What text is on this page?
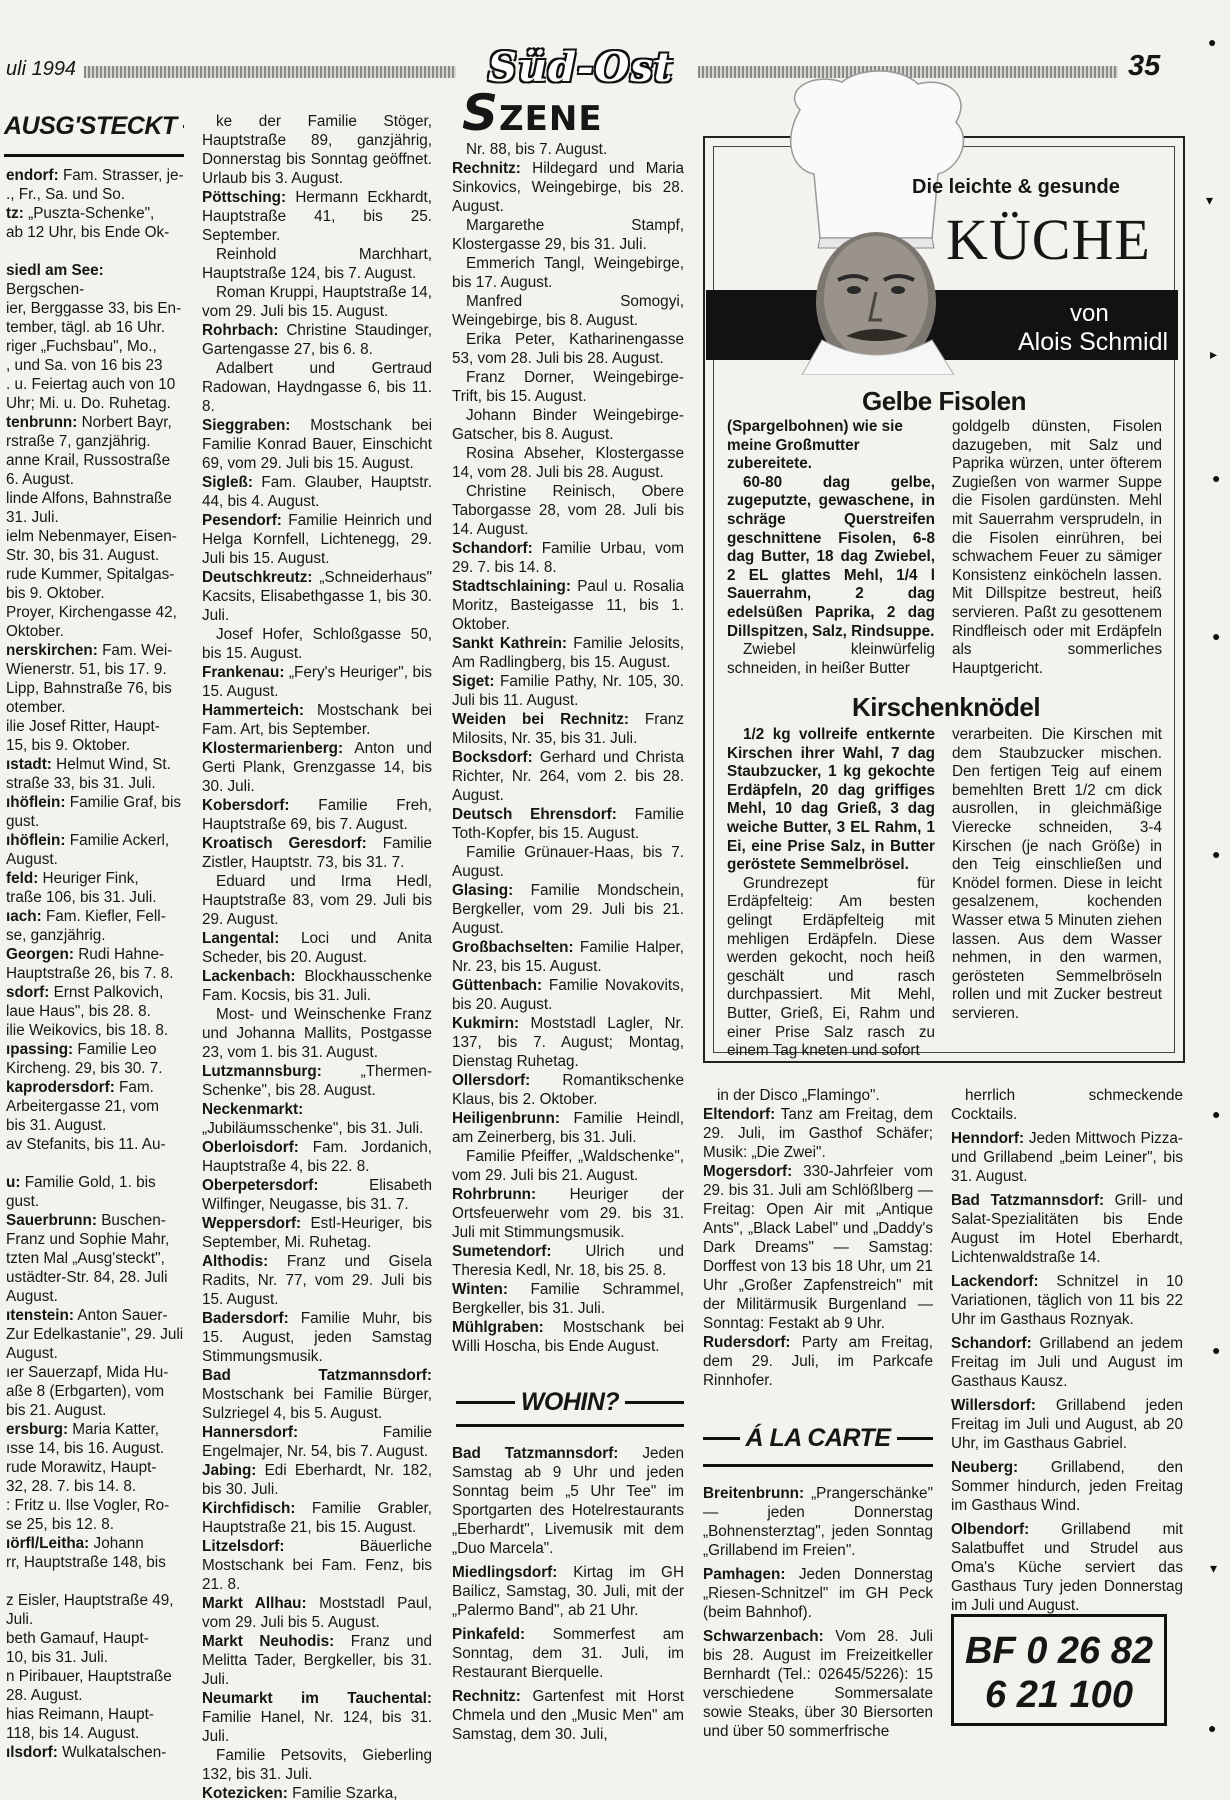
uli 1994	Süd-Ost
SZENE
35
AUSG'STECKT

endorf: Fam. Strasser, je-

., Fr., Sa. und So.

tz: „Puszta-Schenke",

ab 12 Uhr, bis Ende Ok-

siedl am See: Bergschen-

ier, Berggasse 33, bis En-

tember, tägl. ab 16 Uhr.

riger „Fuchsbau", Mo.,

, und Sa. von 16 bis 23

. u. Feiertag auch von 10

Uhr; Mi. u. Do. Ruhetag.

tenbrunn: Norbert Bayr,

rstraße 7, ganzjährig.

anne Krail, Russostraße

6. August.

linde Alfons, Bahnstraße

31. Juli.

ielm Nebenmayer, Eisen-

Str. 30, bis 31. August.

rude Kummer, Spitalgas-

bis 9. Oktober.

Proyer, Kirchengasse 42,

Oktober.

nerskirchen: Fam. Wei-

Wienerstr. 51, bis 17. 9.

Lipp, Bahnstraße 76, bis

otember.

ilie Josef Ritter, Haupt-

15, bis 9. Oktober.

ıstadt: Helmut Wind, St.

straße 33, bis 31. Juli.

ıhöflein: Familie Graf, bis

gust.

ıhöflein: Familie Ackerl,

August.

feld: Heuriger Fink,

traße 106, bis 31. Juli.

ıach: Fam. Kiefler, Fell-

se, ganzjährig.

Georgen: Rudi Hahne-

Hauptstraße 26, bis 7. 8.

sdorf: Ernst Palkovich,

laue Haus", bis 28. 8.

ilie Weikovics, bis 18. 8.

ıpassing: Familie Leo

Kircheng. 29, bis 30. 7.

kaprodersdorf: Fam.

Arbeitergasse 21, vom

bis 31. August.

av Stefanits, bis 11. Au-

u: Familie Gold, 1. bis

gust.

Sauerbrunn: Buschen-

Franz und Sophie Mahr,

tzten Mal „Ausg'steckt",

ustädter-Str. 84, 28. Juli

August.

ıtenstein: Anton Sauer-

Zur Edelkastanie", 29. Juli

August.

ıer Sauerzapf, Mida Hu-

aße 8 (Erbgarten), vom

bis 21. August.

ersburg: Maria Katter,

ısse 14, bis 16. August.

rude Morawitz, Haupt-

32, 28. 7. bis 14. 8.

: Fritz u. Ilse Vogler, Ro-

se 25, bis 12. 8.

ıörfl/Leitha: Johann

rr, Hauptstraße 148, bis

z Eisler, Hauptstraße 49,

Juli.

beth Gamauf, Haupt-

10, bis 31. Juli.

n Piribauer, Hauptstraße

28. August.

hias Reimann, Haupt-

118, bis 14. August.

ılsdorf: Wulkatalschen-

ke der Familie Stöger, Hauptstraße 89, ganzjährig, Donnerstag bis Sonntag geöffnet. Urlaub bis 3. August.

Pöttsching: Hermann Eckhardt, Hauptstraße 41, bis 25. September.

Reinhold Marchhart, Hauptstraße 124, bis 7. August.

Roman Kruppi, Hauptstraße 14, vom 29. Juli bis 15. August.

Rohrbach: Christine Staudinger, Gartengasse 27, bis 6. 8.

Adalbert und Gertraud Radowan, Haydngasse 6, bis 11. 8.

Sieggraben: Mostschank bei Familie Konrad Bauer, Einschicht 69, vom 29. Juli bis 15. August.

Sigleß: Fam. Glauber, Hauptstr. 44, bis 4. August.

Pesendorf: Familie Heinrich und Helga Kornfell, Lichtenegg, 29. Juli bis 15. August.

Deutschkreutz: „Schneiderhaus" Kacsits, Elisabethgasse 1, bis 30. Juli.

Josef Hofer, Schloßgasse 50, bis 15. August.

Frankenau: „Fery's Heuriger", bis 15. August.

Hammerteich: Mostschank bei Fam. Art, bis September.

Klostermarienberg: Anton und Gerti Plank, Grenzgasse 14, bis 30. Juli.

Kobersdorf: Familie Freh, Hauptstraße 69, bis 7. August.

Kroatisch Geresdorf: Familie Zistler, Hauptstr. 73, bis 31. 7.

Eduard und Irma Hedl, Hauptstraße 83, vom 29. Juli bis 29. August.

Langental: Loci und Anita Scheder, bis 20. August.

Lackenbach: Blockhausschenke Fam. Kocsis, bis 31. Juli.

Most- und Weinschenke Franz und Johanna Mallits, Postgasse 23, vom 1. bis 31. August.

Lutzmannsburg:	„Thermen-Schenke", bis 28. August.

Neckenmarkt: „Jubiläumsschenke", bis 31. Juli.

Oberloisdorf: Fam. Jordanich, Hauptstraße 4, bis 22. 8.

Oberpetersdorf:	Elisabeth Wilfinger, Neugasse, bis 31. 7.

Weppersdorf: Estl-Heuriger, bis September, Mi. Ruhetag.

Althodis: Franz und Gisela Radits, Nr. 77, vom 29. Juli bis 15. August.

Badersdorf: Familie Muhr, bis 15. August, jeden Samstag Stimmungsmusik.

Bad Tatzmannsdorf: Mostschank bei Familie Bürger, Sulzriegel 4, bis 5. August.

Hannersdorf:	Familie Engelmajer, Nr. 54, bis 7. August.

Jabing: Edi Eberhardt, Nr. 182, bis 30. Juli.

Kirchfidisch: Familie Grabler, Hauptstraße 21, bis 15. August.

Litzelsdorf:	Bäuerliche Mostschank bei Fam. Fenz, bis 21. 8.

Markt Allhau: Moststadl Paul, vom 29. Juli bis 5. August.

Markt Neuhodis: Franz und Melitta Tader, Bergkeller, bis 31. Juli.

Neumarkt im Tauchental: Familie Hanel, Nr. 124, bis 31. Juli.

Familie Petsovits, Gieberling 132, bis 31. Juli.

Kotezicken: Familie Szarka,

Nr. 88, bis 7. August.

Rechnitz: Hildegard und Maria Sinkovics, Weingebirge, bis 28. August.

Margarethe Stampf, Klostergasse 29, bis 31. Juli.

Emmerich Tangl, Weingebirge, bis 17. August.

Manfred Somogyi, Weingebirge, bis 8. August.

Erika Peter, Katharinengasse 53, vom 28. Juli bis 28. August.

Franz Dorner, Weingebirge-Trift, bis 15. August.

Johann Binder Weingebirge-Gatscher, bis 8. August.

Rosina Abseher, Klostergasse 14, vom 28. Juli bis 28. August.

Christine Reinisch, Obere Taborgasse 28, vom 28. Juli bis 14. August.

Schandorf: Familie Urbau, vom 29. 7. bis 14. 8.

Stadtschlaining: Paul u. Rosalia Moritz, Basteigasse 11, bis 1. Oktober.

Sankt Kathrein: Familie Jelosits, Am Radlingberg, bis 15. August.

Siget: Familie Pathy, Nr. 105, 30. Juli bis 11. August.

Weiden bei Rechnitz: Franz Milosits, Nr. 35, bis 31. Juli.

Bocksdorf: Gerhard und Christa Richter, Nr. 264, vom 2. bis 28. August.

Deutsch Ehrensdorf: Familie Toth-Kopfer, bis 15. August.

Familie Grünauer-Haas, bis 7. August.

Glasing: Familie Mondschein, Bergkeller, vom 29. Juli bis 21. August.

Großbachselten: Familie Halper, Nr. 23, bis 15. August.

Güttenbach: Familie Novakovits, bis 20. August.

Kukmirn: Moststadl Lagler, Nr. 137, bis 7. August; Montag, Dienstag Ruhetag.

Ollersdorf: Romantikschenke Klaus, bis 2. Oktober.

Heiligenbrunn: Familie Heindl, am Zeinerberg, bis 31. Juli.

Familie Pfeiffer, „Waldschenke", vom 29. Juli bis 21. August.

Rohrbrunn: Heuriger der Ortsfeuerwehr vom 29. bis 31. Juli mit Stimmungsmusik.

Sumetendorf: Ulrich und Theresia Kedl, Nr. 18, bis 25. 8.

Winten: Familie Schrammel, Bergkeller, bis 31. Juli.

Mühlgraben: Mostschank bei Willi Hoscha, bis Ende August.

WOHIN?

Bad Tatzmannsdorf: Jeden Samstag ab 9 Uhr und jeden Sonntag beim „5 Uhr Tee" im Sportgarten des Hotelrestaurants „Eberhardt", Livemusik mit dem „Duo Marcela".

Miedlingsdorf: Kirtag im GH Bailicz, Samstag, 30. Juli, mit der „Palermo Band", ab 21 Uhr.

Pinkafeld: Sommerfest am Sonntag, dem 31. Juli, im Restaurant Bierquelle.

Rechnitz: Gartenfest mit Horst Chmela und den „Music Men" am Samstag, dem 30. Juli,

Die leichte & gesunde
KÜCHE
von
Alois Schmidl
Gelbe Fisolen

(Spargelbohnen) wie sie meine Großmutter zubereitete.

60-80 dag gelbe, zugeputzte, gewaschene, in schräge Querstreifen geschnittene Fisolen, 6-8 dag Butter, 18 dag Zwiebel, 2 EL glattes Mehl, 1/4 l Sauerrahm, 2 dag edelsüßen Paprika, 2 dag Dillspitzen, Salz, Rindsuppe.

Zwiebel kleinwürfelig schneiden, in heißer Butter

goldgelb dünsten, Fisolen dazugeben, mit Salz und Paprika würzen, unter öfterem Zugießen von warmer Suppe die Fisolen gardünsten. Mehl mit Sauerrahm versprudeln, in die Fisolen einrühren, bei schwachem Feuer zu sämiger Konsistenz einköcheln lassen. Mit Dillspitze bestreut, heiß servieren. Paßt zu gesottenem Rindfleisch oder mit Erdäpfeln als sommerliches Hauptgericht.

Kirschenknödel

1/2 kg vollreife entkernte Kirschen ihrer Wahl, 7 dag Staubzucker, 1 kg gekochte Erdäpfeln, 20 dag griffiges Mehl, 10 dag Grieß, 3 dag weiche Butter, 3 EL Rahm, 1 Ei, eine Prise Salz, in Butter geröstete Semmelbrösel.

Grundrezept für Erdäpfelteig: Am besten gelingt Erdäpfelteig mit mehligen Erdäpfeln. Diese werden gekocht, noch heiß geschält und rasch durchpassiert. Mit Mehl, Butter, Grieß, Ei, Rahm und einer Prise Salz rasch zu einem Tag kneten und sofort

verarbeiten. Die Kirschen mit dem Staubzucker mischen. Den fertigen Teig auf einem bemehlten Brett 1/2 cm dick ausrollen, in gleichmäßige Vierecke schneiden, 3-4 Kirschen (je nach Größe) in den Teig einschließen und Knödel formen. Diese in leicht gesalzenem, kochenden Wasser etwa 5 Minuten ziehen lassen. Aus dem Wasser nehmen, in den warmen, gerösteten Semmelbröseln rollen und mit Zucker bestreut servieren.

in der Disco „Flamingo".

Eltendorf: Tanz am Freitag, dem 29. Juli, im Gasthof Schäfer; Musik: „Die Zwei".

Mogersdorf: 330-Jahrfeier vom 29. bis 31. Juli am Schlößlberg — Freitag: Open Air mit „Antique Ants", „Black Label" und „Daddy's Dark Dreams" — Samstag: Dorffest von 13 bis 18 Uhr, um 21 Uhr „Großer Zapfenstreich" mit der Militärmusik Burgenland — Sonntag: Festakt ab 9 Uhr.

Rudersdorf: Party am Freitag, dem 29. Juli, im Parkcafe Rinnhofer.

Á LA CARTE

Breitenbrunn: „Prangerschänke" — jeden Donnerstag „Bohnensterztag", jeden Sonntag „Grillabend im Freien".

Pamhagen: Jeden Donnerstag „Riesen-Schnitzel" im GH Peck (beim Bahnhof).

Schwarzenbach: Vom 28. Juli bis 28. August im Freizeitkeller Bernhardt (Tel.: 02645/5226): 15 verschiedene Sommersalate sowie Steaks, über 30 Biersorten und über 50 sommerfrische

herrlich schmeckende Cocktails.

Henndorf: Jeden Mittwoch Pizza- und Grillabend „beim Leiner", bis 31. August.

Bad Tatzmannsdorf: Grill- und Salat-Spezialitäten bis Ende August im Hotel Eberhardt, Lichtenwaldstraße 14.

Lackendorf: Schnitzel in 10 Variationen, täglich von 11 bis 22 Uhr im Gasthaus Roznyak.

Schandorf: Grillabend an jedem Freitag im Juli und August im Gasthaus Kausz.

Willersdorf: Grillabend jeden Freitag im Juli und August, ab 20 Uhr, im Gasthaus Gabriel.

Neuberg: Grillabend, den Sommer hindurch, jeden Freitag im Gasthaus Wind.

Olbendorf: Grillabend mit Salatbuffet und Strudel aus Oma's Küche serviert das Gasthaus Tury jeden Donnerstag im Juli und August.

BF 0 26 82
6 21 100
●
▾
▸
●
●
●
●
●
▾
●
